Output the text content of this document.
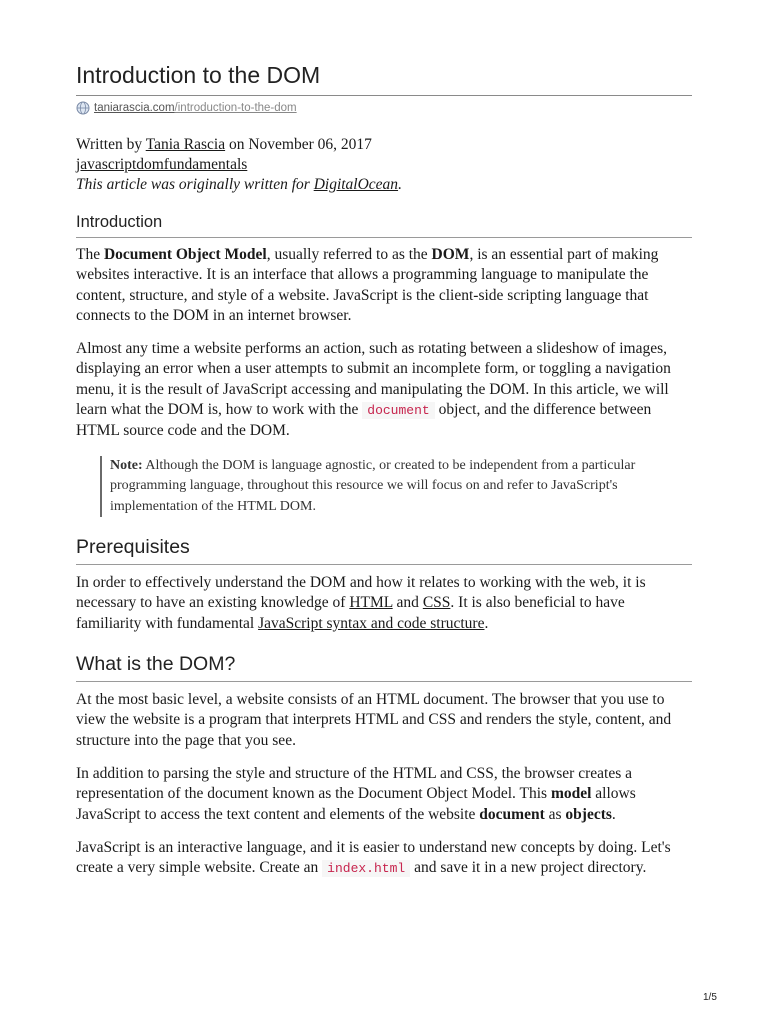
Introduction to the DOM
taniarascia.com /introduction-to-the-dom
Written by Tania Rascia on November 06, 2017
javascriptdomfundamentals
This article was originally written for DigitalOcean.
Introduction

The Document Object Model, usually referred to as the DOM, is an essential part of making websites interactive. It is an interface that allows a programming language to manipulate the content, structure, and style of a website. JavaScript is the client-side scripting language that connects to the DOM in an internet browser.

Almost any time a website performs an action, such as rotating between a slideshow of images, displaying an error when a user attempts to submit an incomplete form, or toggling a navigation menu, it is the result of JavaScript accessing and manipulating the DOM. In this article, we will learn what the DOM is, how to work with the document object, and the difference between HTML source code and the DOM.

Note: Although the DOM is language agnostic, or created to be independent from a particular programming language, throughout this resource we will focus on and refer to JavaScript's implementation of the HTML DOM.
Prerequisites

In order to effectively understand the DOM and how it relates to working with the web, it is necessary to have an existing knowledge of HTML and CSS. It is also beneficial to have familiarity with fundamental JavaScript syntax and code structure.

What is the DOM?

At the most basic level, a website consists of an HTML document. The browser that you use to view the website is a program that interprets HTML and CSS and renders the style, content, and structure into the page that you see.

In addition to parsing the style and structure of the HTML and CSS, the browser creates a representation of the document known as the Document Object Model. This model allows JavaScript to access the text content and elements of the website document as objects.

JavaScript is an interactive language, and it is easier to understand new concepts by doing. Let's create a very simple website. Create an index.html and save it in a new project directory.

1/5
